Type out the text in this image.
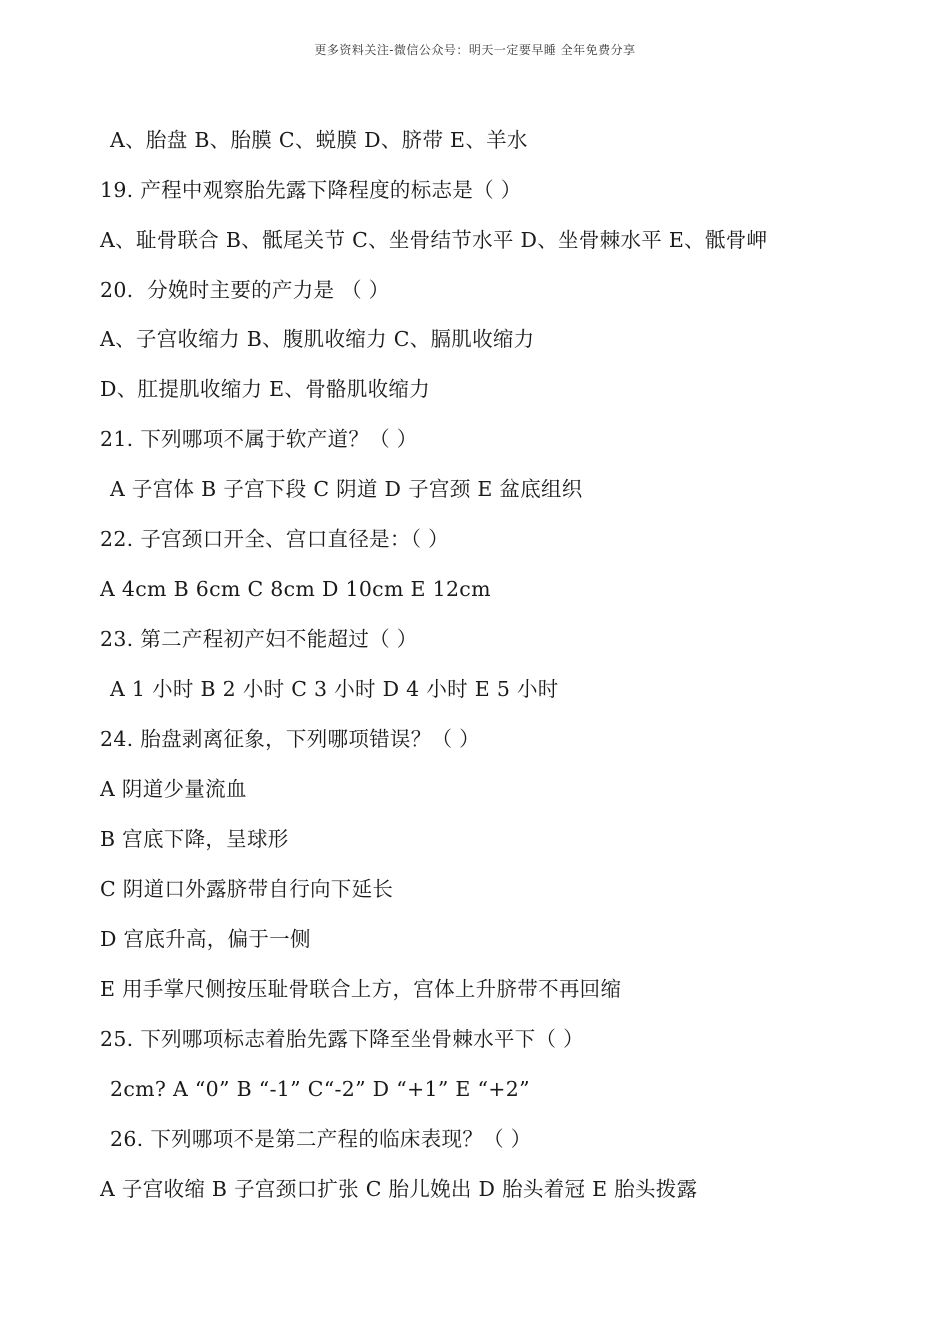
更多资料关注-微信公众号：明天一定要早睡 全年免费分享
A、胎盘 B、胎膜 C、蜕膜 D、脐带 E、羊水
19. 产程中观察胎先露下降程度的标志是（ ）
A、耻骨联合 B、骶尾关节 C、坐骨结节水平 D、坐骨棘水平 E、骶骨岬
20.  分娩时主要的产力是 （ ）
A、子宫收缩力 B、腹肌收缩力 C、膈肌收缩力
D、肛提肌收缩力 E、骨骼肌收缩力
21. 下列哪项不属于软产道？（ ）
A 子宫体 B 子宫下段 C 阴道 D 子宫颈 E 盆底组织
22. 子宫颈口开全、宫口直径是：（ ）
A 4cm B 6cm C 8cm D 10cm E 12cm
23. 第二产程初产妇不能超过（ ）
A 1 小时 B 2 小时 C 3 小时 D 4 小时 E 5 小时
24. 胎盘剥离征象，下列哪项错误？（ ）
A 阴道少量流血
B 宫底下降，呈球形
C 阴道口外露脐带自行向下延长
D 宫底升高，偏于一侧
E 用手掌尺侧按压耻骨联合上方，宫体上升脐带不再回缩
25. 下列哪项标志着胎先露下降至坐骨棘水平下（ ）
2cm? A “0” B “-1” C“-2” D “+1” E “+2”
26. 下列哪项不是第二产程的临床表现？（ ）
A 子宫收缩 B 子宫颈口扩张 C 胎儿娩出 D 胎头着冠 E 胎头拨露
